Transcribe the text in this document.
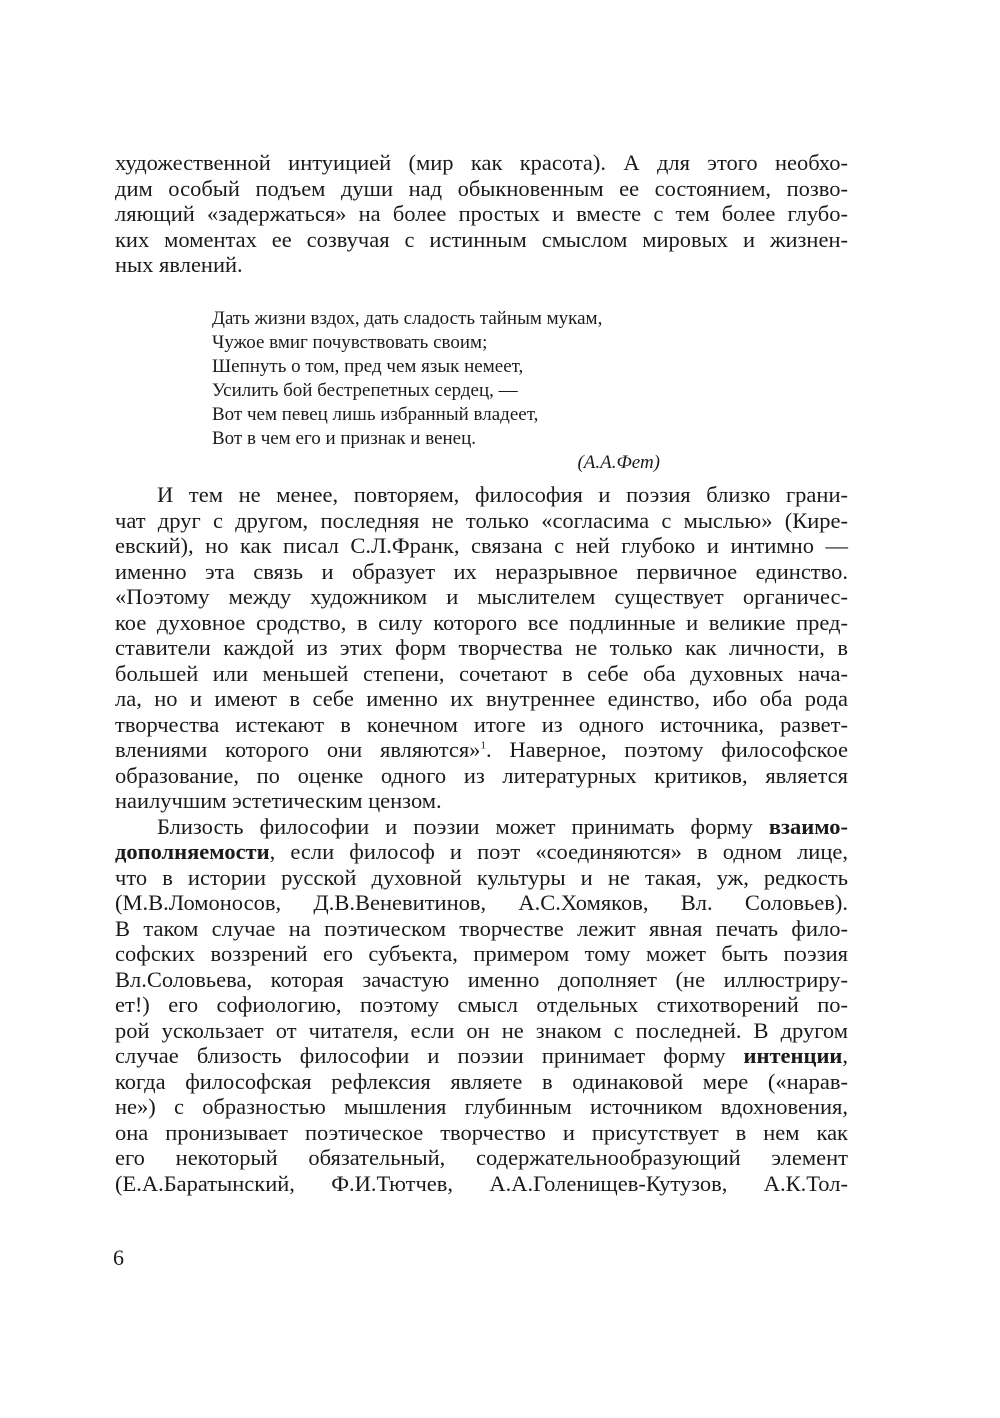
художественной интуицией (мир как красота). А для этого необхо-
дим особый подъем души над обыкновенным ее состоянием, позво-
ляющий «задержаться» на более простых и вместе с тем более глубо-
ких моментах ее созвучая с истинным смыслом мировых и жизнен-
ных явлений.
Дать жизни вздох, дать сладость тайным мукам,
Чужое вмиг почувствовать своим;
Шепнуть о том, пред чем язык немеет,
Усилить бой бестрепетных сердец, —
Вот чем певец лишь избранный владеет,
Вот в чем его и признак и венец.
(А.А.Фет)
И тем не менее, повторяем, философия и поэзия близко грани-
чат друг с другом, последняя не только «согласима с мыслью» (Кире-
евский), но как писал С.Л.Франк, связана с ней глубоко и интимно —
именно эта связь и образует их неразрывное первичное единство.
«Поэтому между художником и мыслителем существует органичес-
кое духовное сродство, в силу которого все подлинные и великие пред-
ставители каждой из этих форм творчества не только как личности, в
большей или меньшей степени, сочетают в себе оба духовных нача-
ла, но и имеют в себе именно их внутреннее единство, ибо оба рода
творчества истекают в конечном итоге из одного источника, развет-
влениями которого они являются»$^1$. Наверное, поэтому философское
образование, по оценке одного из литературных критиков, является
наилучшим эстетическим цензом.
Близость философии и поэзии может принимать форму взаимо-
дополняемости, если философ и поэт «соединяются» в одном лице,
что в истории русской духовной культуры и не такая, уж, редкость
(М.В.Ломоносов, Д.В.Веневитинов, А.С.Хомяков, Вл. Соловьев).
В таком случае на поэтическом творчестве лежит явная печать фило-
софских воззрений его субъекта, примером тому может быть поэзия
Вл.Соловьева, которая зачастую именно дополняет (не иллюстриру-
ет!) его софиологию, поэтому смысл отдельных стихотворений по-
рой ускользает от читателя, если он не знаком с последней. В другом
случае близость философии и поэзии принимает форму интенции,
когда философская рефлексия являете в одинаковой мере («нарав-
не») с образностью мышления глубинным источником вдохновения,
она пронизывает поэтическое творчество и присутствует в нем как
его некоторый обязательный, содержательнообразующий элемент
(Е.А.Баратынский, Ф.И.Тютчев, А.А.Голенищев-Кутузов, А.К.Тол-
6
